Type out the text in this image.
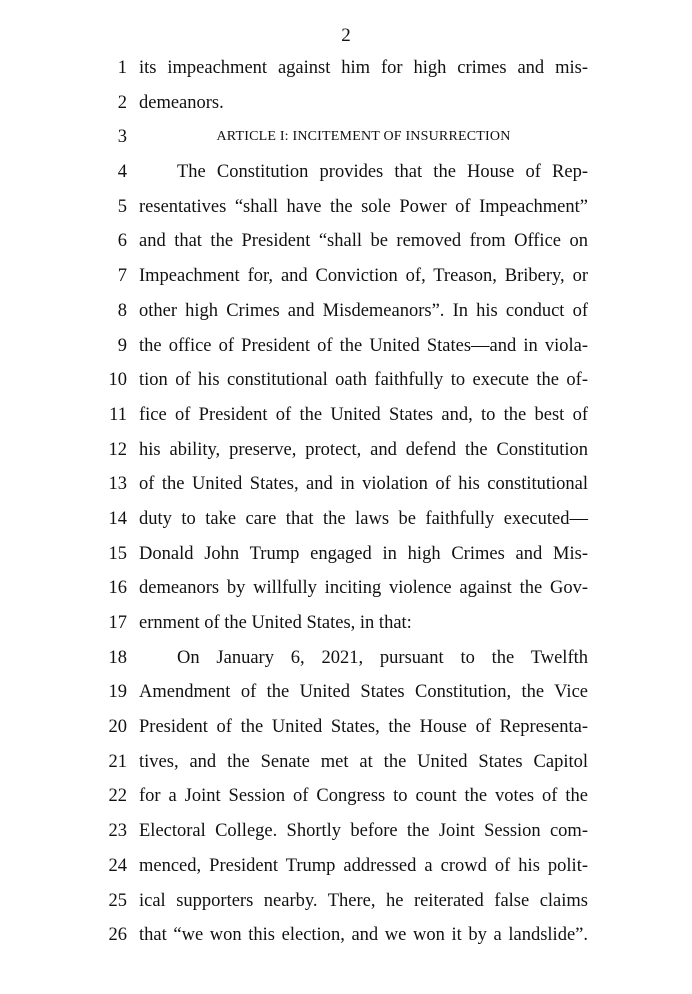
2
1 its impeachment against him for high crimes and mis-
2 demeanors.
3	ARTICLE I: INCITEMENT OF INSURRECTION
4	The Constitution provides that the House of Rep-
5 resentatives “shall have the sole Power of Impeachment”
6 and that the President “shall be removed from Office on
7 Impeachment for, and Conviction of, Treason, Bribery, or
8 other high Crimes and Misdemeanors”. In his conduct of
9 the office of President of the United States—and in viola-
10 tion of his constitutional oath faithfully to execute the of-
11 fice of President of the United States and, to the best of
12 his ability, preserve, protect, and defend the Constitution
13 of the United States, and in violation of his constitutional
14 duty to take care that the laws be faithfully executed—
15 Donald John Trump engaged in high Crimes and Mis-
16 demeanors by willfully inciting violence against the Gov-
17 ernment of the United States, in that:
18	On January 6, 2021, pursuant to the Twelfth
19 Amendment of the United States Constitution, the Vice
20 President of the United States, the House of Representa-
21 tives, and the Senate met at the United States Capitol
22 for a Joint Session of Congress to count the votes of the
23 Electoral College. Shortly before the Joint Session com-
24 menced, President Trump addressed a crowd of his polit-
25 ical supporters nearby. There, he reiterated false claims
26 that “we won this election, and we won it by a landslide”.
